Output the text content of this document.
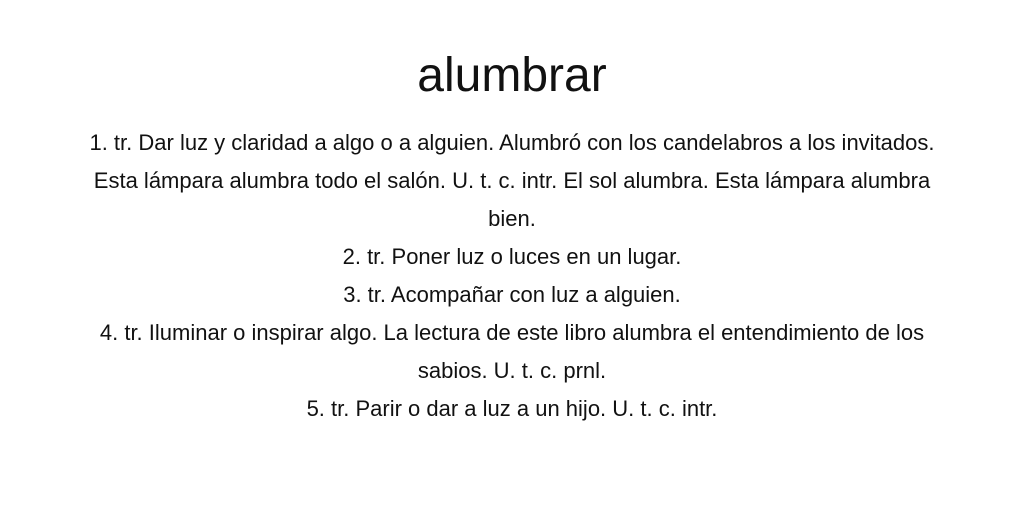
alumbrar

1. tr. Dar luz y claridad a algo o a alguien. Alumbró con los candelabros a los invitados. Esta lámpara alumbra todo el salón. U. t. c. intr. El sol alumbra. Esta lámpara alumbra bien.

2. tr. Poner luz o luces en un lugar.

3. tr. Acompañar con luz a alguien.

4. tr. Iluminar o inspirar algo. La lectura de este libro alumbra el entendimiento de los sabios. U. t. c. prnl.

5. tr. Parir o dar a luz a un hijo. U. t. c. intr.
